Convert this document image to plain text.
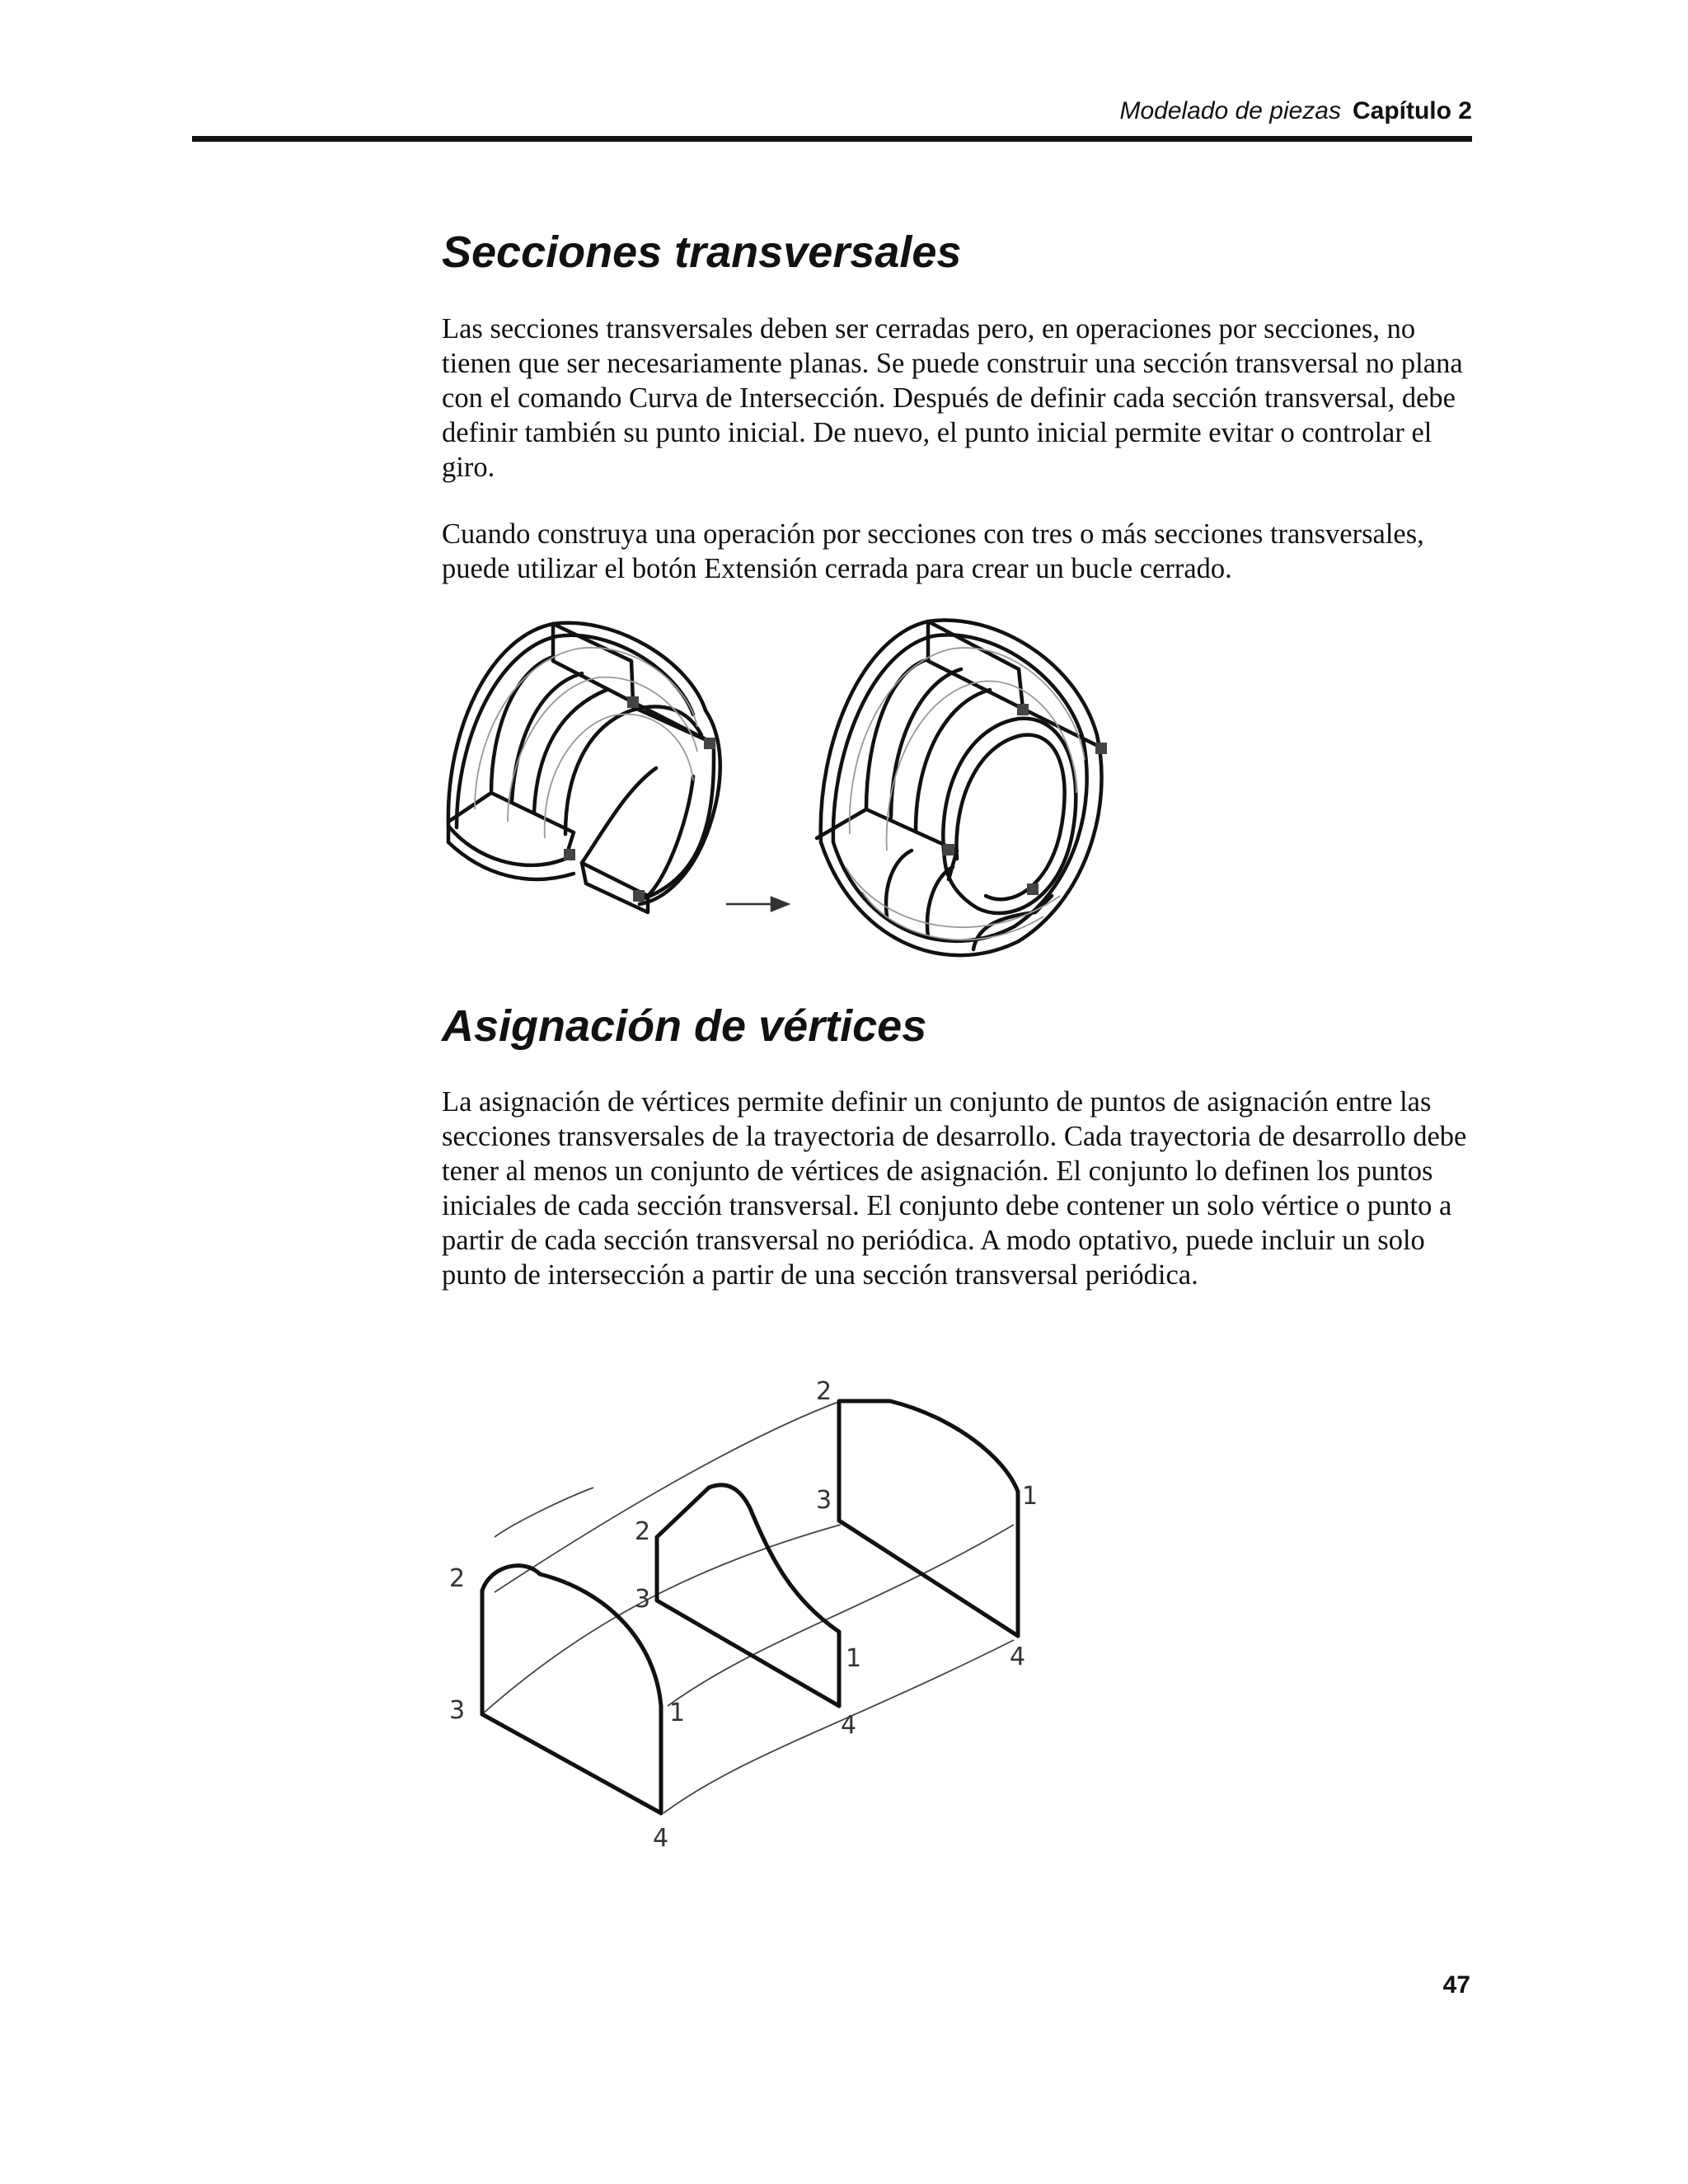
Modelado de piezas Capítulo 2
Secciones transversales

Las secciones transversales deben ser cerradas pero, en operaciones por secciones, no tienen que ser necesariamente planas. Se puede construir una sección transversal no plana con el comando Curva de Intersección. Después de definir cada sección transversal, debe definir también su punto inicial. De nuevo, el punto inicial permite evitar o controlar el giro.

Cuando construya una operación por secciones con tres o más secciones transversales, puede utilizar el botón Extensión cerrada para crear un bucle cerrado.

Asignación de vértices

La asignación de vértices permite definir un conjunto de puntos de asignación entre las secciones transversales de la trayectoria de desarrollo. Cada trayectoria de desarrollo debe tener al menos un conjunto de vértices de asignación. El conjunto lo definen los puntos iniciales de cada sección transversal. El conjunto debe contener un solo vértice o punto a partir de cada sección transversal no periódica. A modo optativo, puede incluir un solo punto de intersección a partir de una sección transversal periódica.

2
3	1
4
2
3
1
4
2
3	1
4
47
